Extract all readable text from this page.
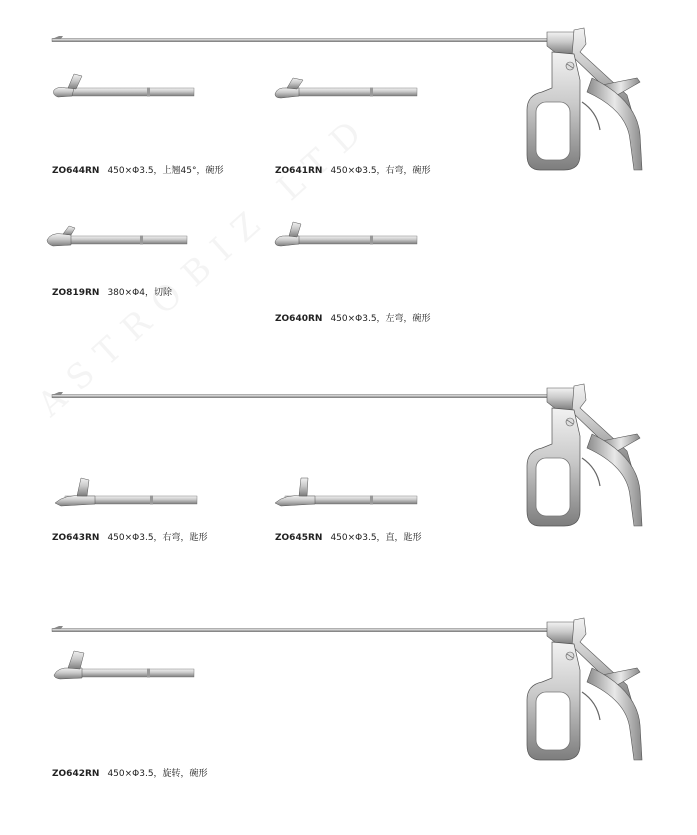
ZO644RN 450×Φ3.5，上翘45°，碗形	ZO641RN 450×Φ3.5，右弯，碗形
ZO819RN 380×Φ4，切除
ZO640RN 450×Φ3.5，左弯，碗形
ZO643RN 450×Φ3.5，右弯，匙形	ZO645RN 450×Φ3.5，直，匙形
ZO642RN 450×Φ3.5，旋转，碗形
